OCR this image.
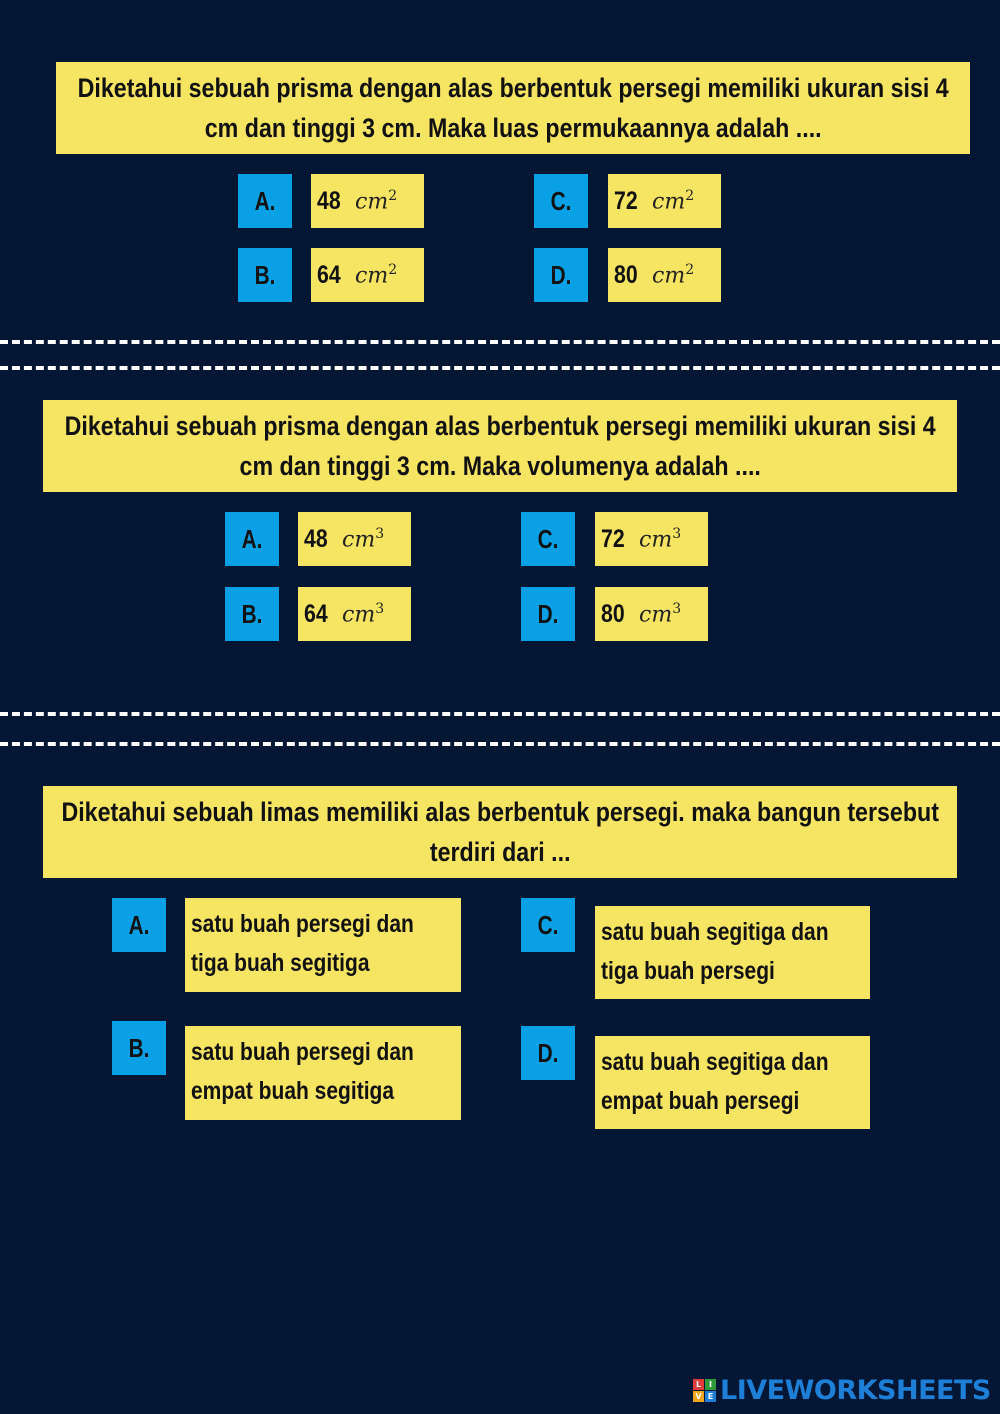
Diketahui sebuah prisma dengan alas berbentuk persegi memiliki ukuran sisi 4 cm dan tinggi 3 cm. Maka luas permukaannya adalah ....
A. 48 $cm^2$
B. 64 $cm^2$
C. 72 $cm^2$
D. 80 $cm^2$
Diketahui sebuah prisma dengan alas berbentuk persegi memiliki ukuran sisi 4 cm dan tinggi 3 cm. Maka volumenya adalah ....
A. 48 $cm^3$
B. 64 $cm^3$
C. 72 $cm^3$
D. 80 $cm^3$
Diketahui sebuah limas memiliki alas berbentuk persegi. maka bangun tersebut terdiri dari ...
A. satu buah persegi dan
tiga buah segitiga
B. satu buah persegi dan
empat buah segitiga
C. satu buah segitiga dan
tiga buah persegi
D. satu buah segitiga dan
empat buah persegi
L I
V E LIVEWORKSHEETS
